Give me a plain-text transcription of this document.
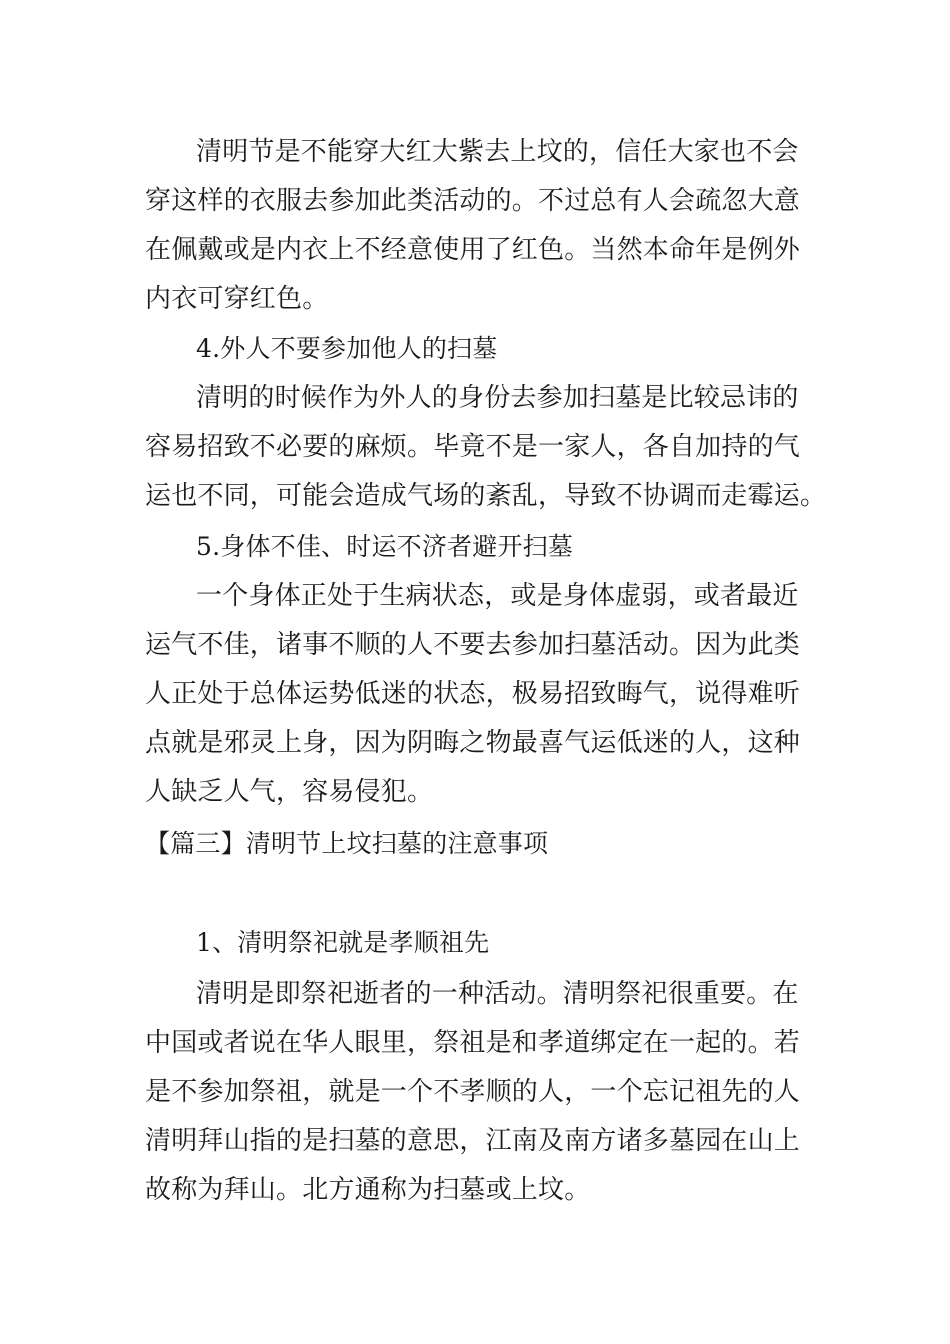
清明节是不能穿大红大紫去上坟的，信任大家也不会
穿这样的衣服去参加此类活动的。不过总有人会疏忽大意
在佩戴或是内衣上不经意使用了红色。当然本命年是例外
内衣可穿红色。
4.外人不要参加他人的扫墓
清明的时候作为外人的身份去参加扫墓是比较忌讳的
容易招致不必要的麻烦。毕竟不是一家人，各自加持的气
运也不同，可能会造成气场的紊乱，导致不协调而走霉运。
5.身体不佳、时运不济者避开扫墓
一个身体正处于生病状态，或是身体虚弱，或者最近
运气不佳，诸事不顺的人不要去参加扫墓活动。因为此类
人正处于总体运势低迷的状态，极易招致晦气，说得难听
点就是邪灵上身，因为阴晦之物最喜气运低迷的人，这种
人缺乏人气，容易侵犯。
【篇三】清明节上坟扫墓的注意事项
1、清明祭祀就是孝顺祖先
清明是即祭祀逝者的一种活动。清明祭祀很重要。在
中国或者说在华人眼里，祭祖是和孝道绑定在一起的。若
是不参加祭祖，就是一个不孝顺的人，一个忘记祖先的人
清明拜山指的是扫墓的意思，江南及南方诸多墓园在山上
故称为拜山。北方通称为扫墓或上坟。
